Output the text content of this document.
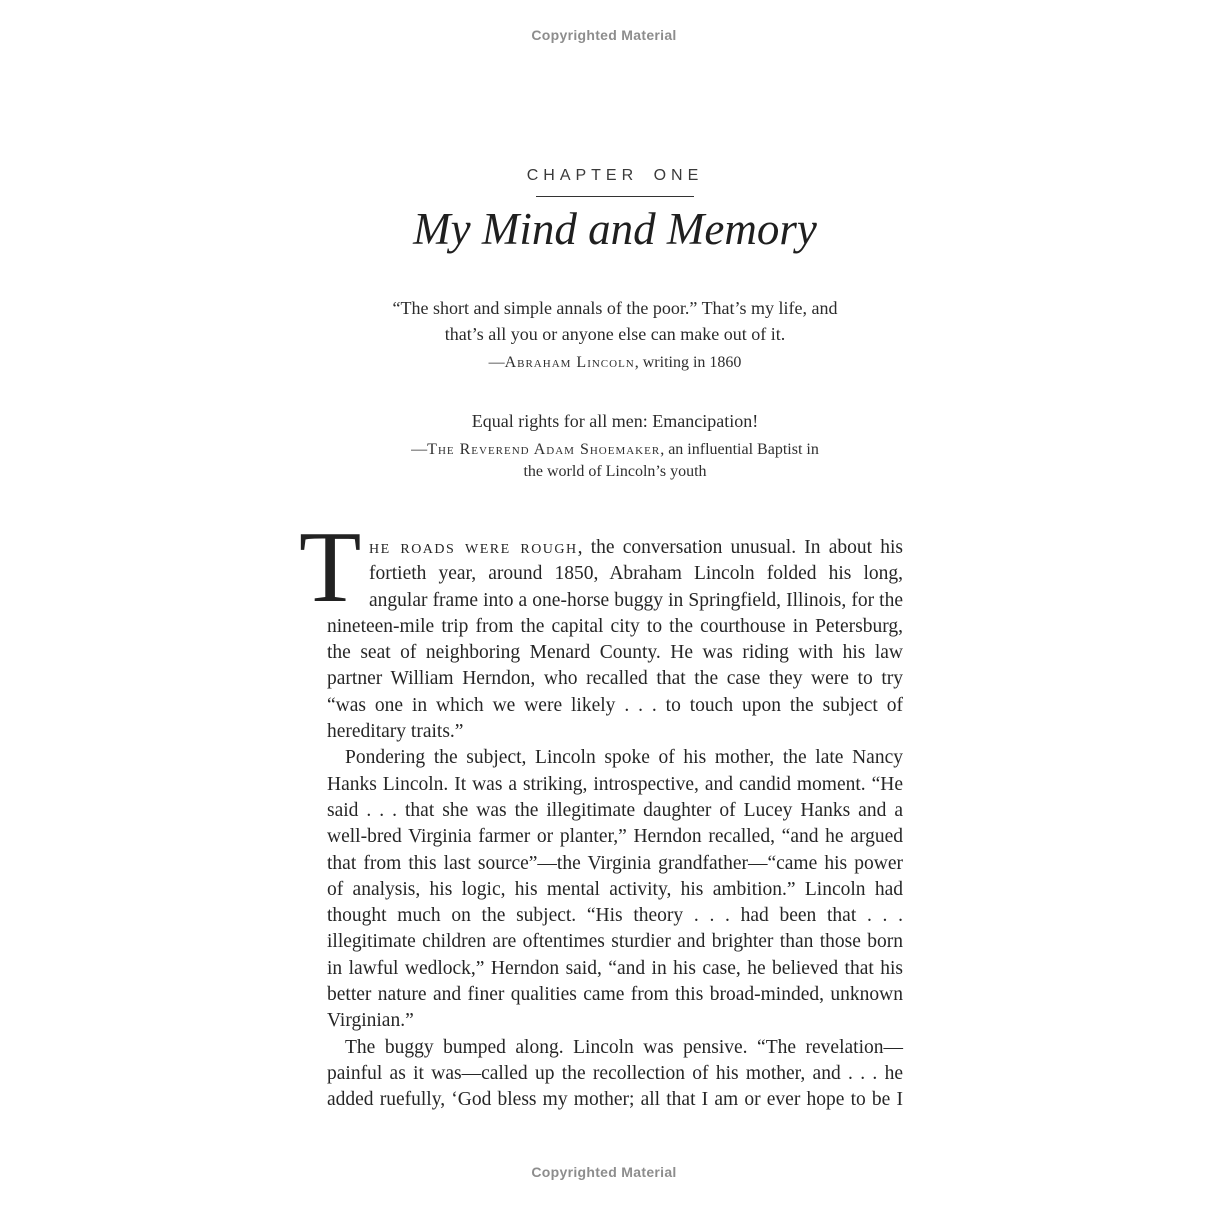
Copyrighted Material
CHAPTER ONE
My Mind and Memory
“The short and simple annals of the poor.” That’s my life, and
that’s all you or anyone else can make out of it.
—Abraham Lincoln, writing in 1860
Equal rights for all men: Emancipation!
—The Reverend Adam Shoemaker, an influential Baptist in
the world of Lincoln’s youth

The roads were rough, the conversation unusual. In about his fortieth year, around 1850, Abraham Lincoln folded his long, angular frame into a one-horse buggy in Springfield, Illinois, for the nineteen-mile trip from the capital city to the courthouse in Petersburg, the seat of neighboring Menard County. He was riding with his law partner William Herndon, who recalled that the case they were to try “was one in which we were likely . . . to touch upon the subject of hereditary traits.”

Pondering the subject, Lincoln spoke of his mother, the late Nancy Hanks Lincoln. It was a striking, introspective, and candid moment. “He said . . . that she was the illegitimate daughter of Lucey Hanks and a well-bred Virginia farmer or planter,” Herndon recalled, “and he argued that from this last source”—the Virginia grandfather—“came his power of analysis, his logic, his mental activity, his ambition.” Lincoln had thought much on the subject. “His theory . . . had been that . . . illegitimate children are oftentimes sturdier and brighter than those born in lawful wedlock,” Herndon said, “and in his case, he believed that his better nature and finer qualities came from this broad-minded, unknown Virginian.”

The buggy bumped along. Lincoln was pensive. “The revelation—painful as it was—called up the recollection of his mother, and . . . he added ruefully, ‘God bless my mother; all that I am or ever hope to be I

Copyrighted Material
